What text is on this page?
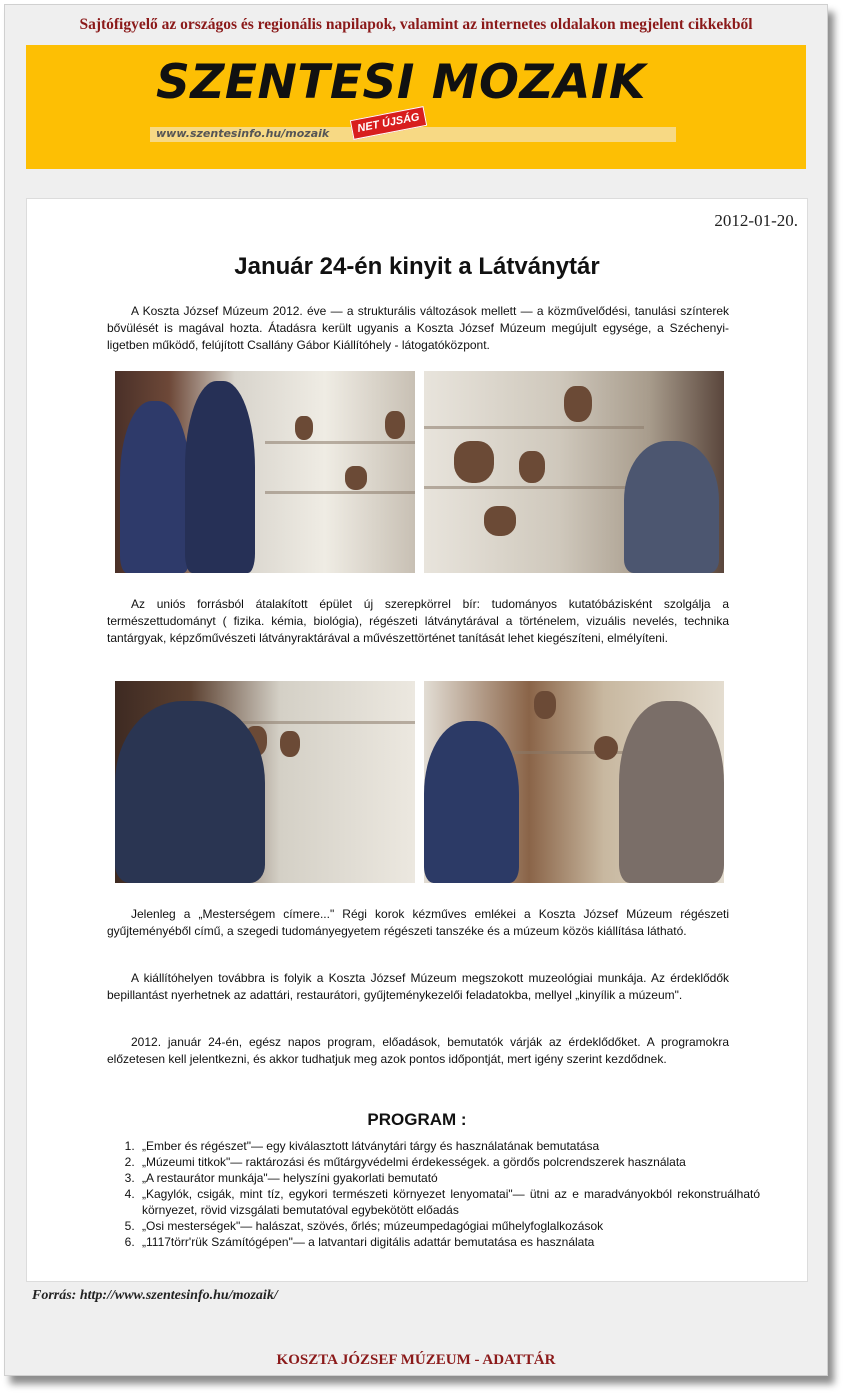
Sajtófigyelő az országos és regionális napilapok, valamint az internetes oldalakon megjelent cikkekből
www.szentesinfo.hu/mozaik
SZENTESI MOZAIK
NET ÚJSÁG
2012-01-20.
Január 24-én kinyit a Látványtár

A Koszta József Múzeum 2012. éve — a strukturális változások mellett — a közművelődési, tanulási színterek bővülését is magával hozta. Átadásra került ugyanis a Koszta József Múzeum megújult egysége, a Széchenyi-ligetben működő, felújított Csallány Gábor Kiállítóhely - látogatóközpont.

Az uniós forrásból átalakított épület új szerepkörrel bír: tudományos kutatóbázisként szolgálja a természettudományt ( fizika. kémia, biológia), régészeti látványtárával a történelem, vizuális nevelés, technika tantárgyak, képzőművészeti látványraktárával a művészettörténet tanítását lehet kiegészíteni, elmélyíteni.

Jelenleg a „Mesterségem címere..." Régi korok kézműves emlékei a Koszta József Múzeum régészeti gyűjteményéből című, a szegedi tudományegyetem régészeti tanszéke és a múzeum közös kiállítása látható.

A kiállítóhelyen továbbra is folyik a Koszta József Múzeum megszokott muzeológiai munkája. Az érdeklődők bepillantást nyerhetnek az adattári, restaurátori, gyűjteménykezelői feladatokba, mellyel „kinyílik a múzeum".

2012. január 24-én, egész napos program, előadások, bemutatók várják az érdeklődőket. A programokra előzetesen kell jelentkezni, és akkor tudhatjuk meg azok pontos időpontját, mert igény szerint kezdődnek.

PROGRAM :
1. „Ember és régészet"— egy kiválasztott látványtári tárgy és használatának bemutatása
2. „Múzeumi titkok"— raktározási és műtárgyvédelmi érdekességek. a gördős polcrendszerek használata
3. „A restaurátor munkája"— helyszíni gyakorlati bemutató
4. „Kagylók, csigák, mint tíz, egykori természeti környezet lenyomatai"— ütni az e maradványokból rekonstruálható környezet, rövid vizsgálati bemutatóval egybekötött előadás
5. „Osi mesterségek"— halászat, szövés, őrlés; múzeumpedagógiai műhelyfoglalkozások
6. „1117törr'rük Számítógépen"— a latvantari digitális adattár bemutatása es használata
Forrás: http://www.szentesinfo.hu/mozaik/
KOSZTA JÓZSEF MÚZEUM - ADATTÁR
